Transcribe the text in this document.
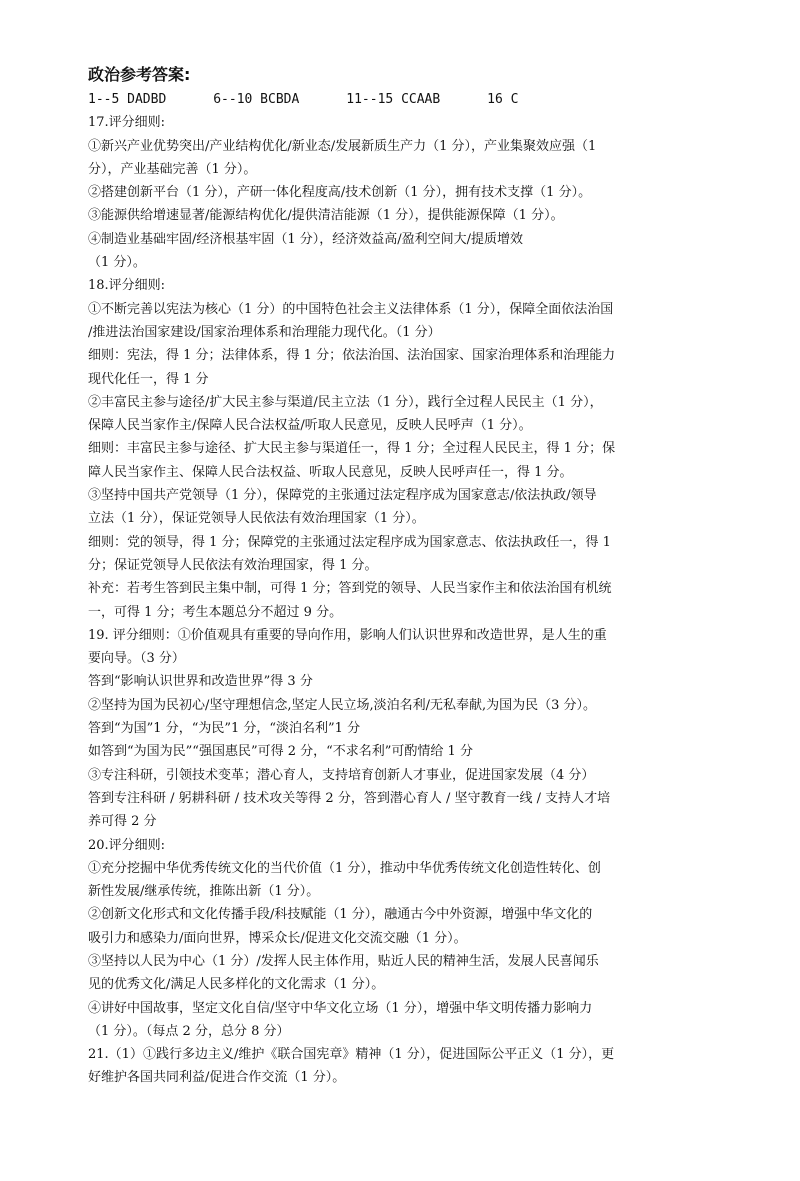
政治参考答案:

1--5 DADBD      6--10 BCBDA      11--15 CCAAB      16 C

17.评分细则:

①新兴产业优势突出/产业结构优化/新业态/发展新质生产力（1 分），产业集聚效应强（1

分），产业基础完善（1 分）。

②搭建创新平台（1 分），产研一体化程度高/技术创新（1 分），拥有技术支撑（1 分）。

③能源供给增速显著/能源结构优化/提供清洁能源（1 分），提供能源保障（1 分）。

④制造业基础牢固/经济根基牢固（1 分），经济效益高/盈利空间大/提质增效

（1 分）。

18.评分细则:

①不断完善以宪法为核心（1 分）的中国特色社会主义法律体系（1 分），保障全面依法治国

/推进法治国家建设/国家治理体系和治理能力现代化。（1 分）

细则：宪法，得 1 分；法律体系，得 1 分；依法治国、法治国家、国家治理体系和治理能力

现代化任一，得 1 分

②丰富民主参与途径/扩大民主参与渠道/民主立法（1 分），践行全过程人民民主（1 分），

保障人民当家作主/保障人民合法权益/听取人民意见，反映人民呼声（1 分）。

细则：丰富民主参与途径、扩大民主参与渠道任一，得 1 分；全过程人民民主，得 1 分；保

障人民当家作主、保障人民合法权益、听取人民意见，反映人民呼声任一，得 1 分。

③坚持中国共产党领导（1 分），保障党的主张通过法定程序成为国家意志/依法执政/领导

立法（1 分），保证党领导人民依法有效治理国家（1 分）。

细则：党的领导，得 1 分；保障党的主张通过法定程序成为国家意志、依法执政任一，得 1

分；保证党领导人民依法有效治理国家，得 1 分。

补充：若考生答到民主集中制，可得 1 分；答到党的领导、人民当家作主和依法治国有机统

一，可得 1 分；考生本题总分不超过 9 分。

19. 评分细则：①价值观具有重要的导向作用，影响人们认识世界和改造世界，是人生的重

要向导。（3 分）

答到“影响认识世界和改造世界”得 3 分

②坚持为国为民初心/坚守理想信念,坚定人民立场,淡泊名利/无私奉献,为国为民（3 分）。

答到“为国”1 分，“为民”1 分，“淡泊名利”1 分

如答到“为国为民”“强国惠民”可得 2 分，“不求名利”可酌情给 1 分

③专注科研，引领技术变革；潜心育人，支持培育创新人才事业，促进国家发展（4 分）

答到专注科研 / 躬耕科研 / 技术攻关等得 2 分，答到潜心育人 / 坚守教育一线 / 支持人才培

养可得 2 分

20.评分细则:

①充分挖掘中华优秀传统文化的当代价值（1 分），推动中华优秀传统文化创造性转化、创

新性发展/继承传统，推陈出新（1 分）。

②创新文化形式和文化传播手段/科技赋能（1 分），融通古今中外资源，增强中华文化的

吸引力和感染力/面向世界，博采众长/促进文化交流交融（1 分）。

③坚持以人民为中心（1 分）/发挥人民主体作用，贴近人民的精神生活，发展人民喜闻乐

见的优秀文化/满足人民多样化的文化需求（1 分）。

④讲好中国故事，坚定文化自信/坚守中华文化立场（1 分），增强中华文明传播力影响力

（1 分）。（每点 2 分，总分 8 分）

21.（1）①践行多边主义/维护《联合国宪章》精神（1 分），促进国际公平正义（1 分），更

好维护各国共同利益/促进合作交流（1 分）。
